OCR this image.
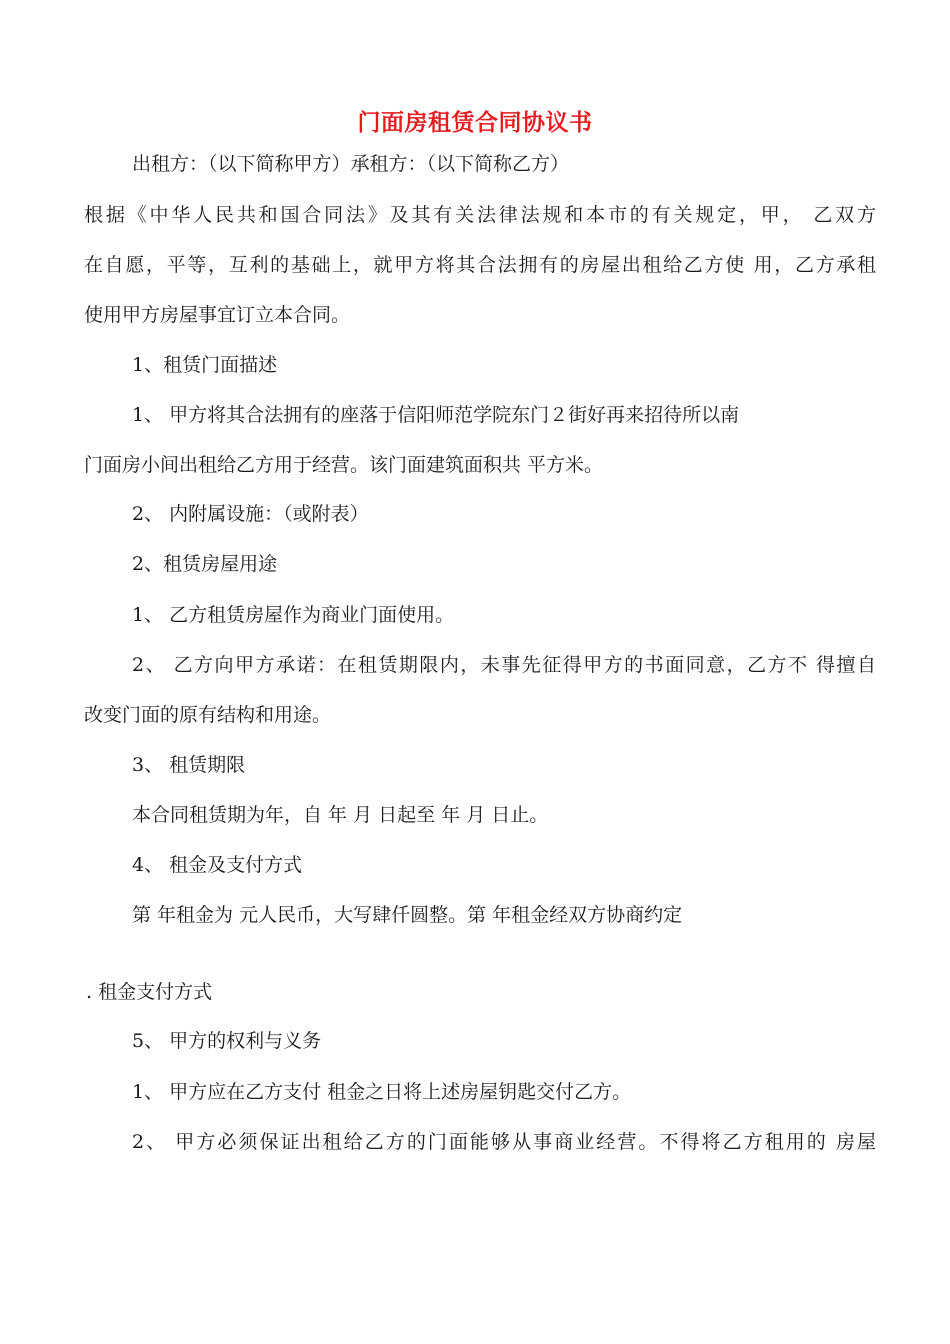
门面房租赁合同协议书
出租方：（以下简称甲方）承租方：（以下简称乙方）
根据《中华人民共和国合同法》及其有关法律法规和本市的有关规定，甲， 乙双方
在自愿，平等，互利的基础上，就甲方将其合法拥有的房屋出租给乙方使 用，乙方承租
使用甲方房屋事宜订立本合同。
1、租赁门面描述
1、 甲方将其合法拥有的座落于信阳师范学院东门２街好再来招待所以南
门面房小间出租给乙方用于经营。该门面建筑面积共 平方米。
2、 内附属设施：（或附表）
2、租赁房屋用途
1、 乙方租赁房屋作为商业门面使用。
2、 乙方向甲方承诺：在租赁期限内，未事先征得甲方的书面同意，乙方不 得擅自
改变门面的原有结构和用途。
3、 租赁期限
本合同租赁期为年，自 年 月 日起至 年 月 日止。
4、 租金及支付方式
第 年租金为 元人民币，大写肆仟圆整。第 年租金经双方协商约定
. 租金支付方式
5、 甲方的权利与义务
1、 甲方应在乙方支付 租金之日将上述房屋钥匙交付乙方。
2、 甲方必须保证出租给乙方的门面能够从事商业经营。不得将乙方租用的 房屋
